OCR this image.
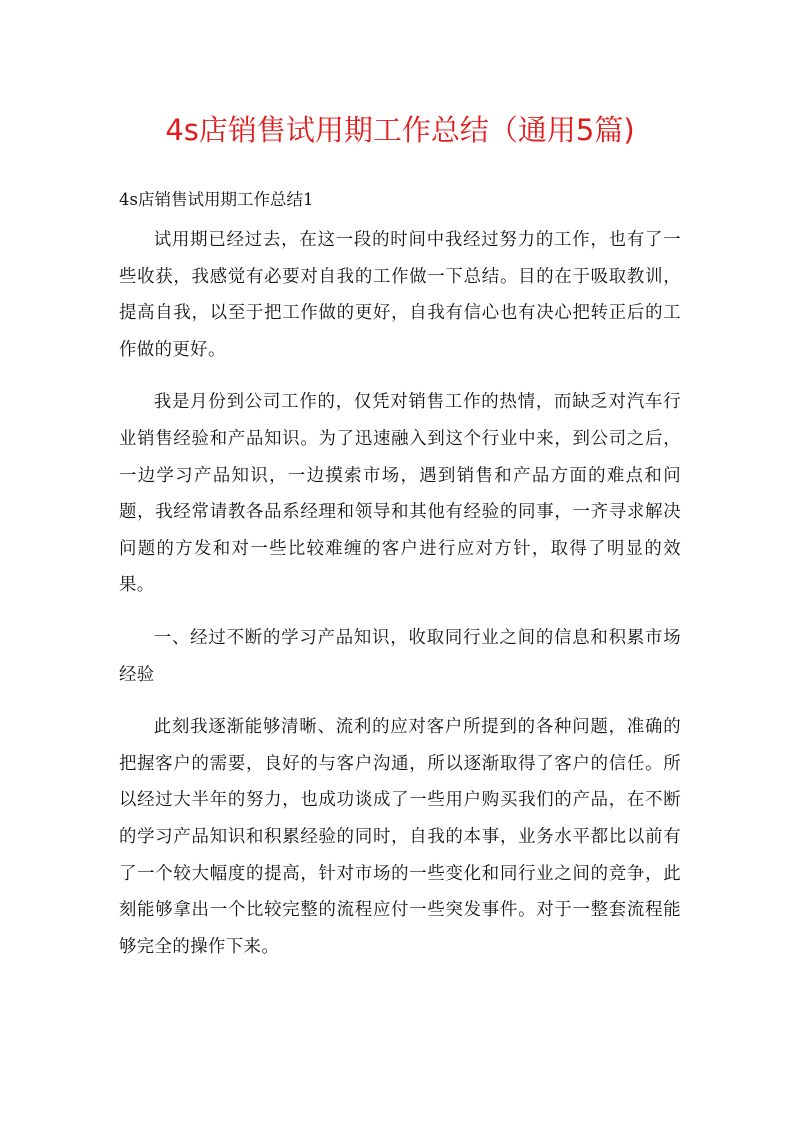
4s店销售试用期工作总结（通用5篇)
4s店销售试用期工作总结1

试用期已经过去，在这一段的时间中我经过努力的工作，也有了一些收获，我感觉有必要对自我的工作做一下总结。目的在于吸取教训，提高自我，以至于把工作做的更好，自我有信心也有决心把转正后的工作做的更好。

我是月份到公司工作的，仅凭对销售工作的热情，而缺乏对汽车行业销售经验和产品知识。为了迅速融入到这个行业中来，到公司之后，一边学习产品知识，一边摸索市场，遇到销售和产品方面的难点和问题，我经常请教各品系经理和领导和其他有经验的同事，一齐寻求解决问题的方发和对一些比较难缠的客户进行应对方针，取得了明显的效果。

一、经过不断的学习产品知识，收取同行业之间的信息和积累市场经验

此刻我逐渐能够清晰、流利的应对客户所提到的各种问题，准确的把握客户的需要，良好的与客户沟通，所以逐渐取得了客户的信任。所以经过大半年的努力，也成功谈成了一些用户购买我们的产品，在不断的学习产品知识和积累经验的同时，自我的本事，业务水平都比以前有了一个较大幅度的提高，针对市场的一些变化和同行业之间的竞争，此刻能够拿出一个比较完整的流程应付一些突发事件。对于一整套流程能够完全的操作下来。
